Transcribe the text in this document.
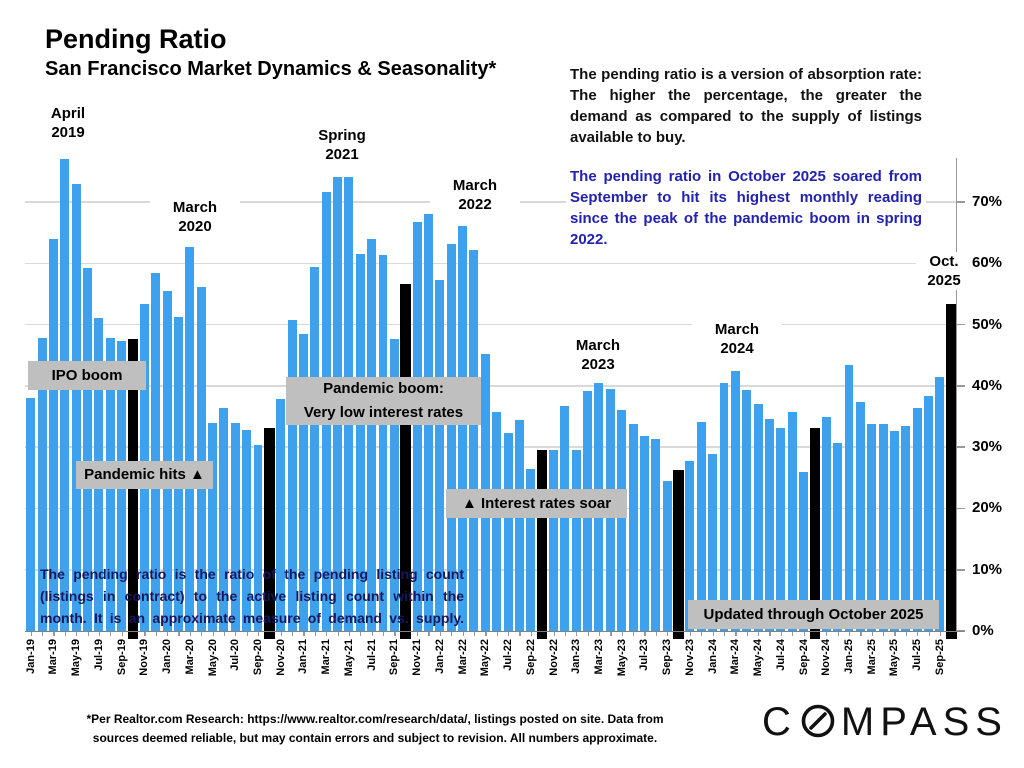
Pending Ratio
San Francisco Market Dynamics & Seasonality*	The pending ratio is a version of absorption rate: The higher the percentage, the greater the demand as compared to the supply of listings available to buy.
The pending ratio in October 2025 soared from September to hit its highest monthly reading since the peak of the pandemic boom in spring 2022.
0%
10%
20%
30%
40%
50%
60%
70%
Jan-19 Mar-19 May-19 Jul-19 Sep-19 Nov-19 Jan-20 Mar-20 May-20 Jul-20 Sep-20 Nov-20 Jan-21 Mar-21 May-21 Jul-21 Sep-21 Nov-21 Jan-22 Mar-22 May-22 Jul-22 Sep-22 Nov-22 Jan-23 Mar-23 May-23 Jul-23 Sep-23 Nov-23 Jan-24 Mar-24 May-24 Jul-24 Sep-24 Nov-24 Jan-25 Mar-25 May-25 Jul-25 Sep-25
April
2019
March
2020
Spring
2021
March
2022
March
2023
March
2024
Oct.
2025
IPO boom
Pandemic hits ▲
Pandemic boom:
Very low interest rates
▲ Interest rates soar
Updated through October 2025
The pending ratio is the ratio of the pending listing count
(listings in contract) to the active listing count within the
month. It is an approximate measure of demand vs. supply.
*Per Realtor.com Research: https://www.realtor.com/research/data/, listings posted on site. Data from
sources deemed reliable, but may contain errors and subject to revision. All numbers approximate.	C MPASS
